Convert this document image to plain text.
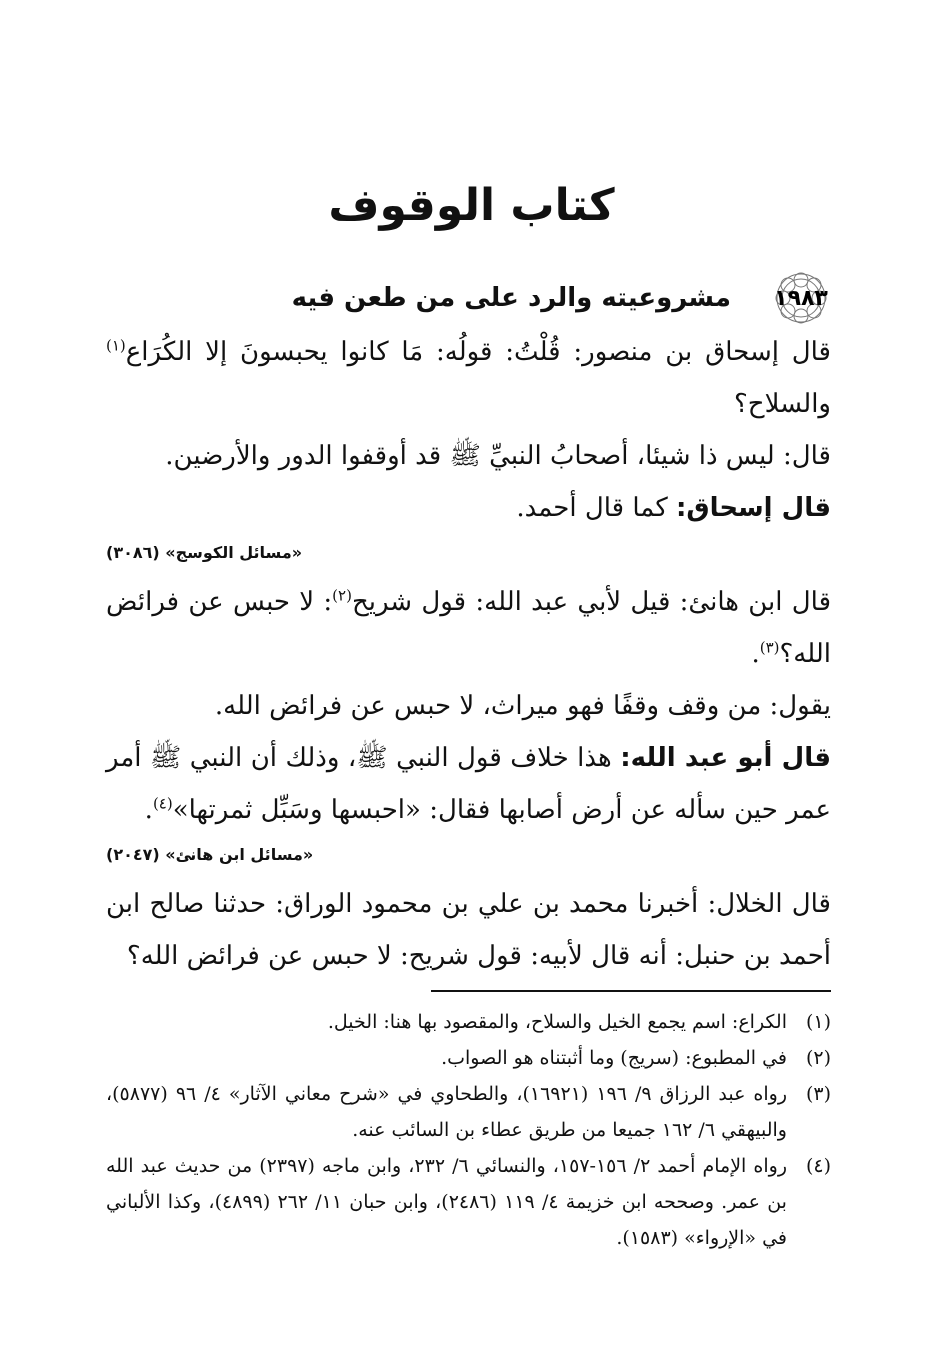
كتاب الوقوف
١٩٨٣
مشروعيته والرد على من طعن فيه

قال إسحاق بن منصور: قُلْتُ: قولُه: مَا كانوا يحبسونَ إلا الكُرَاع$^{(١)}$ والسلاح؟

قال: ليس ذا شيئا، أصحابُ النبيِّ ﷺ قد أوقفوا الدور والأرضين.

قال إسحاق: كما قال أحمد.

«مسائل الكوسج» (٣٠٨٦)

قال ابن هانئ: قيل لأبي عبد الله: قول شريح$^{(٢)}$: لا حبس عن فرائض الله؟$^{(٣)}$.

يقول: من وقف وقفًا فهو ميراث، لا حبس عن فرائض الله.

قال أبو عبد الله: هذا خلاف قول النبي ﷺ، وذلك أن النبي ﷺ أمر عمر حين سأله عن أرض أصابها فقال: «احبسها وسَبِّل ثمرتها»$^{(٤)}$.

«مسائل ابن هانئ» (٢٠٤٧)

قال الخلال: أخبرنا محمد بن علي بن محمود الوراق: حدثنا صالح ابن أحمد بن حنبل: أنه قال لأبيه: قول شريح: لا حبس عن فرائض الله؟

(١)
الكراع: اسم يجمع الخيل والسلاح، والمقصود بها هنا: الخيل.
(٢)
في المطبوع: (سريج) وما أثبتناه هو الصواب.
(٣)
رواه عبد الرزاق ٩/ ١٩٦ (١٦٩٢١)، والطحاوي في «شرح معاني الآثار» ٤/ ٩٦ (٥٨٧٧)، والبيهقي ٦/ ١٦٢ جميعا من طريق عطاء بن السائب عنه.
(٤)
رواه الإمام أحمد ٢/ ١٥٦-١٥٧، والنسائي ٦/ ٢٣٢، وابن ماجه (٢٣٩٧) من حديث عبد الله بن عمر. وصححه ابن خزيمة ٤/ ١١٩ (٢٤٨٦)، وابن حبان ١١/ ٢٦٢ (٤٨٩٩)، وكذا الألباني في «الإرواء» (١٥٨٣).
